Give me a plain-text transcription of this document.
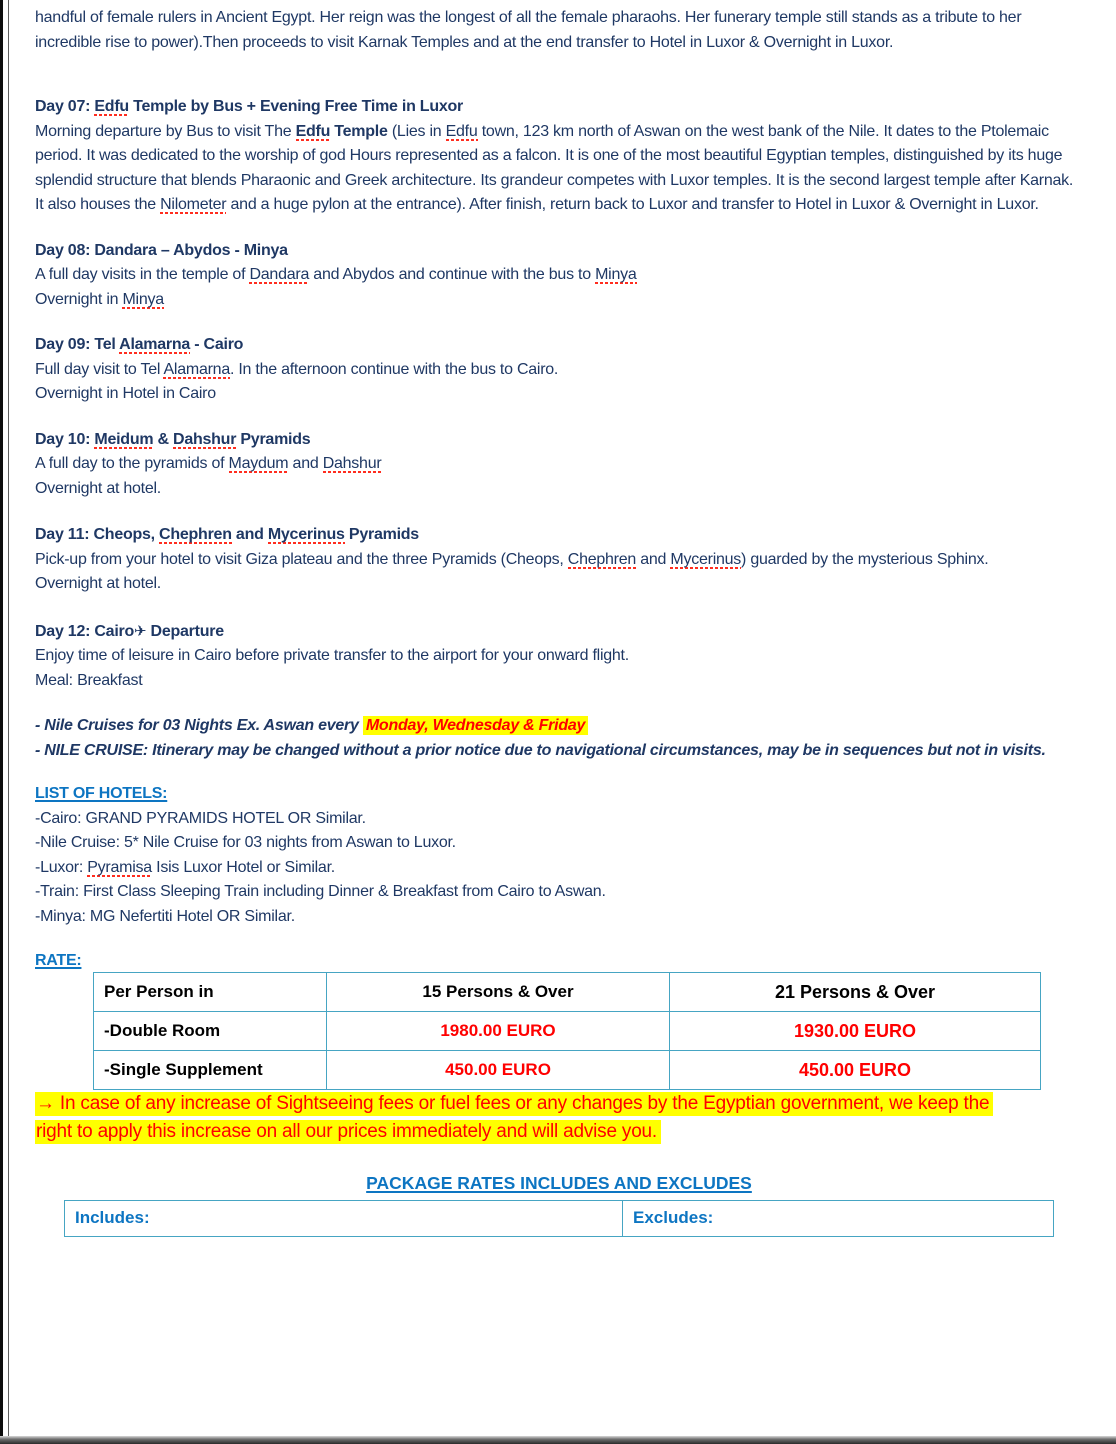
handful of female rulers in Ancient Egypt. Her reign was the longest of all the female pharaohs. Her funerary temple still stands as a tribute to her incredible rise to power).Then proceeds to visit Karnak Temples and at the end transfer to Hotel in Luxor & Overnight in Luxor.

Day 07: Edfu Temple by Bus + Evening Free Time in Luxor

Morning departure by Bus to visit The Edfu Temple (Lies in Edfu town, 123 km north of Aswan on the west bank of the Nile. It dates to the Ptolemaic period. It was dedicated to the worship of god Hours represented as a falcon. It is one of the most beautiful Egyptian temples, distinguished by its huge splendid structure that blends Pharaonic and Greek architecture. Its grandeur competes with Luxor temples. It is the second largest temple after Karnak. It also houses the Nilometer and a huge pylon at the entrance). After finish, return back to Luxor and transfer to Hotel in Luxor & Overnight in Luxor.

Day 08: Dandara – Abydos - Minya

A full day visits in the temple of Dandara and Abydos and continue with the bus to Minya

Overnight in Minya

Day 09: Tel Alamarna - Cairo

Full day visit to Tel Alamarna. In the afternoon continue with the bus to Cairo.

Overnight in Hotel in Cairo

Day 10: Meidum & Dahshur Pyramids

A full day to the pyramids of Maydum and Dahshur

Overnight at hotel.

Day 11: Cheops, Chephren and Mycerinus Pyramids

Pick-up from your hotel to visit Giza plateau and the three Pyramids (Cheops, Chephren and Mycerinus) guarded by the mysterious Sphinx.

Overnight at hotel.

Day 12: Cairo✈ Departure

Enjoy time of leisure in Cairo before private transfer to the airport for your onward flight.

Meal: Breakfast

- Nile Cruises for 03 Nights Ex. Aswan every Monday, Wednesday & Friday

- NILE CRUISE: Itinerary may be changed without a prior notice due to navigational circumstances, may be in sequences but not in visits.

LIST OF HOTELS:

-Cairo: GRAND PYRAMIDS HOTEL OR Similar.

-Nile Cruise: 5* Nile Cruise for 03 nights from Aswan to Luxor.

-Luxor: Pyramisa Isis Luxor Hotel or Similar.

-Train: First Class Sleeping Train including Dinner & Breakfast from Cairo to Aswan.

-Minya: MG Nefertiti Hotel OR Similar.

RATE:

Per Person in	15 Persons & Over	21 Persons & Over
-Double Room	1980.00 EURO	1930.00 EURO
-Single Supplement	450.00 EURO	450.00 EURO
→ In case of any increase of Sightseeing fees or fuel fees or any changes by the Egyptian government, we keep the
right to apply this increase on all our prices immediately and will advise you.

PACKAGE RATES INCLUDES AND EXCLUDES

Includes:	Excludes:
